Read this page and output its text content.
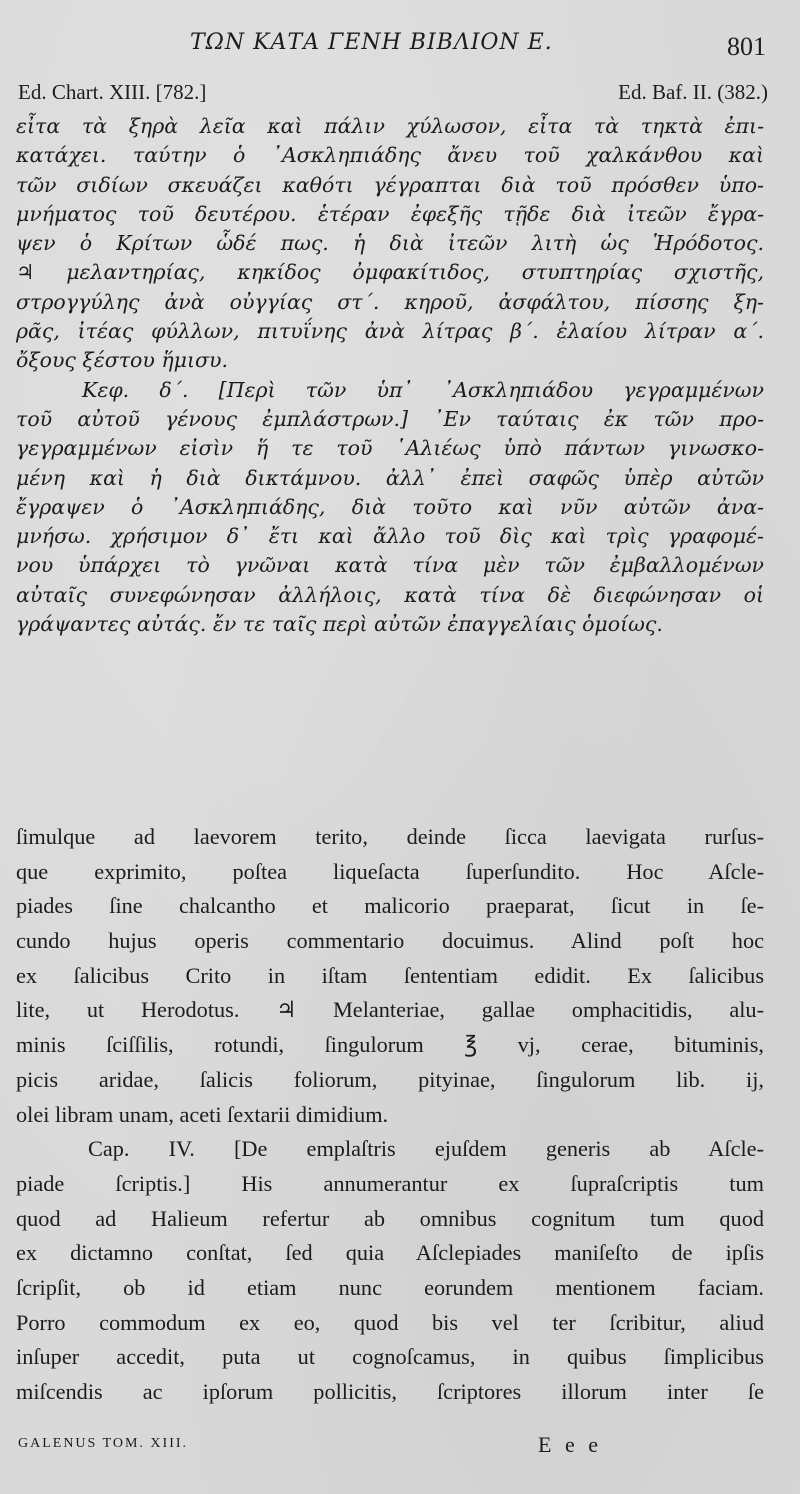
ΤΩΝ ΚΑΤΑ ΓΕΝΗ ΒΙΒΛΙΟΝ Ε.	801
Ed. Chart. XIII. [782.]	Ed. Baf. II. (382.)
εἶτα τὰ ξηρὰ λεῖα καὶ πάλιν χύλωσον, εἶτα τὰ τηκτὰ ἐπι-
κατάχει. ταύτην ὁ ᾿Ασκληπιάδης ἄνευ τοῦ χαλκάνθου καὶ
τῶν σιδίων σκευάζει καθότι γέγραπται διὰ τοῦ πρόσθεν ὑπο-
μνήματος τοῦ δευτέρου. ἑτέραν ἐφεξῆς τῇδε διὰ ἰτεῶν ἔγρα-
ψεν ὁ Κρίτων ὧδέ πως. ἡ διὰ ἰτεῶν λιτὴ ὡς Ἡρόδοτος.
♃ μελαντηρίας, κηκίδος ὀμφακίτιδος, στυπτηρίας σχιστῆς,
στρογγύλης ἀνὰ οὐγγίας στ΄. κηροῦ, ἀσφάλτου, πίσσης ξη-
ρᾶς, ἰτέας φύλλων, πιτυΐνης ἀνὰ λίτρας β΄. ἐλαίου λίτραν α΄.
ὄξους ξέστου ἥμισυ.
Κεφ. δ΄. [Περὶ τῶν ὑπ᾿ ᾿Ασκληπιάδου γεγραμμένων
τοῦ αὐτοῦ γένους ἐμπλάστρων.] ᾿Εν ταύταις ἐκ τῶν προ-
γεγραμμένων εἰσὶν ἥ τε τοῦ ῾Αλιέως ὑπὸ πάντων γινωσκο-
μένη καὶ ἡ διὰ δικτάμνου. ἀλλ᾿ ἐπεὶ σαφῶς ὑπὲρ αὐτῶν
ἔγραψεν ὁ ᾿Ασκληπιάδης, διὰ τοῦτο καὶ νῦν αὐτῶν ἀνα-
μνήσω. χρήσιμον δ᾿ ἔτι καὶ ἄλλο τοῦ δὶς καὶ τρὶς γραφομέ-
νου ὑπάρχει τὸ γνῶναι κατὰ τίνα μὲν τῶν ἐμβαλλομένων
αὐταῖς συνεφώνησαν ἀλλήλοις, κατὰ τίνα δὲ διεφώνησαν οἱ
γράψαντες αὐτάς. ἔν τε ταῖς περὶ αὐτῶν ἐπαγγελίαις ὁμοίως.
ſimulque ad laevorem terito, deinde ſicca laevigata rurſus-
que exprimito, poſtea liqueſacta ſuperſundito. Hoc Aſcle-
piades ſine chalcantho et malicorio praeparat, ſicut in ſe-
cundo hujus operis commentario docuimus. Alind poſt hoc
ex ſalicibus Crito in iſtam ſententiam edidit. Ex ſalicibus
lite, ut Herodotus. ♃ Melanteriae, gallae omphacitidis, alu-
minis ſciſſilis, rotundi, ſingulorum ℥ vj, cerae, bituminis,
picis aridae, ſalicis foliorum, pityinae, ſingulorum lib. ij,
olei libram unam, aceti ſextarii dimidium.
Cap. IV. [De emplaſtris ejuſdem generis ab Aſcle-
piade ſcriptis.] His annumerantur ex ſupraſcriptis tum
quod ad Halieum refertur ab omnibus cognitum tum quod
ex dictamno conſtat, ſed quia Aſclepiades maniſeſto de ipſis
ſcripſit, ob id etiam nunc eorundem mentionem faciam.
Porro commodum ex eo, quod bis vel ter ſcribitur, aliud
inſuper accedit, puta ut cognoſcamus, in quibus ſimplicibus
miſcendis ac ipſorum pollicitis, ſcriptores illorum inter ſe
GALENUS TOM. XIII.	E e e
